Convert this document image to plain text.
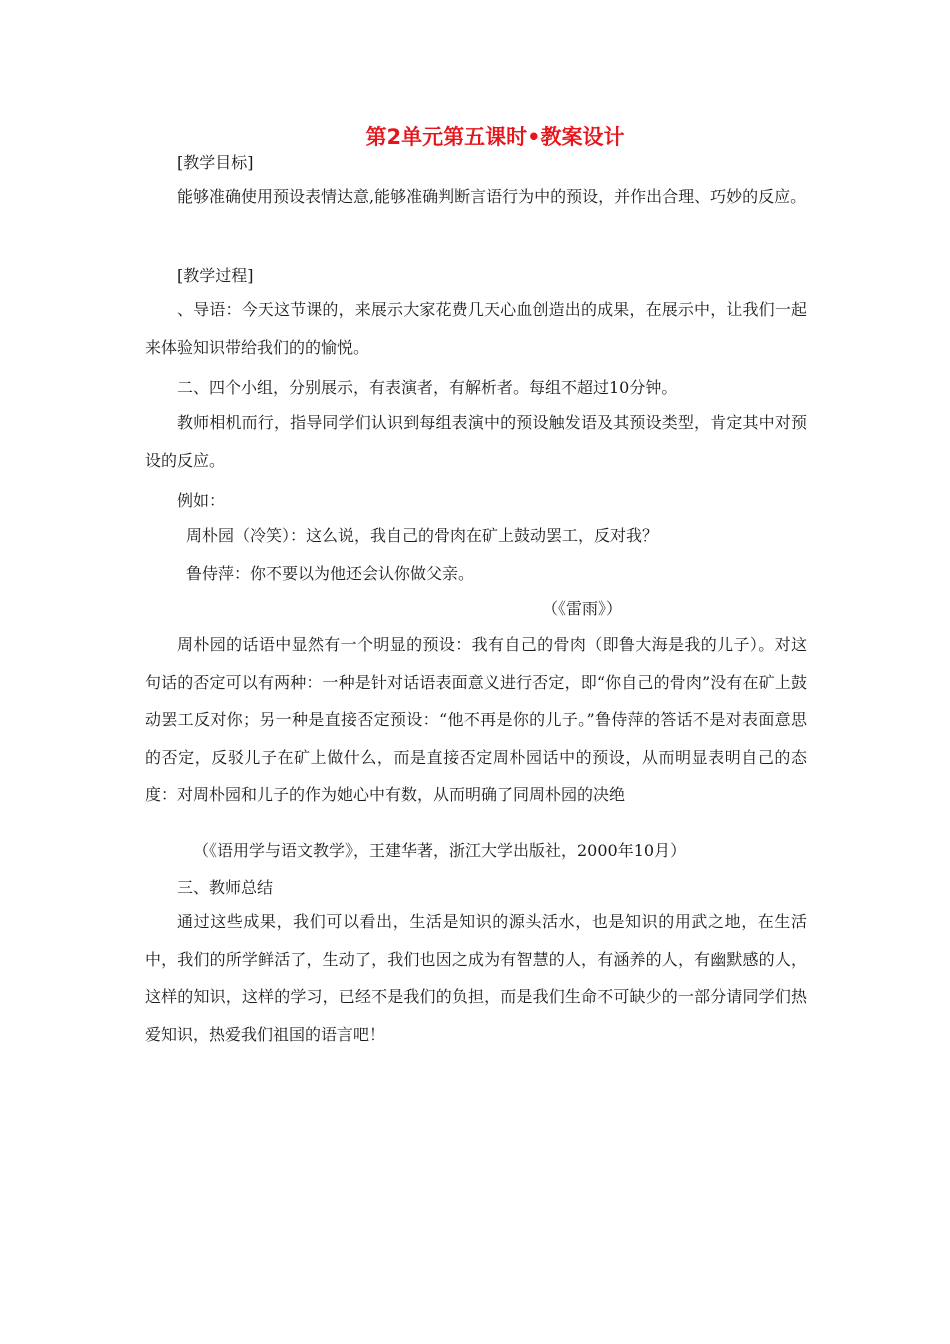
第2单元第五课时•教案设计
[教学目标]
能够准确使用预设表情达意,能够准确判断言语行为中的预设，并作出合理、巧妙的反应。
[教学过程]
、导语：今天这节课的，来展示大家花费几天心血创造出的成果，在展示中，让我们一起来体验知识带给我们的的愉悦。
二、四个小组，分别展示，有表演者，有解析者。每组不超过10分钟。
教师相机而行，指导同学们认识到每组表演中的预设触发语及其预设类型，肯定其中对预设的反应。
例如：
周朴园（冷笑）：这么说，我自己的骨肉在矿上鼓动罢工，反对我？
鲁侍萍：你不要以为他还会认你做父亲。
（《雷雨》）
周朴园的话语中显然有一个明显的预设：我有自己的骨肉（即鲁大海是我的儿子）。对这句话的否定可以有两种：一种是针对话语表面意义进行否定，即“你自己的骨肉”没有在矿上鼓动罢工反对你；另一种是直接否定预设：“他不再是你的儿子。”鲁侍萍的答话不是对表面意思的否定，反驳儿子在矿上做什么，而是直接否定周朴园话中的预设，从而明显表明自己的态度：对周朴园和儿子的作为她心中有数，从而明确了同周朴园的决绝
（《语用学与语文教学》，王建华著，浙江大学出版社，2000年10月）
三、教师总结
通过这些成果，我们可以看出，生活是知识的源头活水，也是知识的用武之地，在生活中，我们的所学鲜活了，生动了，我们也因之成为有智慧的人，有涵养的人，有幽默感的人，这样的知识，这样的学习，已经不是我们的负担，而是我们生命不可缺少的一部分请同学们热爱知识，热爱我们祖国的语言吧！
